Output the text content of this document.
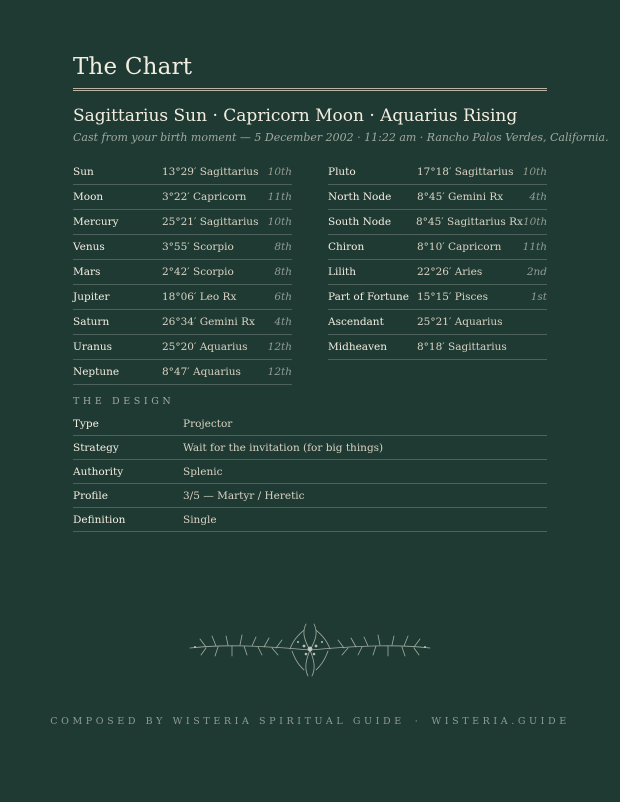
The Chart
Sagittarius Sun · Capricorn Moon · Aquarius Rising
Cast from your birth moment — 5 December 2002 · 11:22 am · Rancho Palos Verdes, California.
Sun	13°29′ Sagittarius 10th
Moon	3°22′ Capricorn	11th
Mercury	25°21′ Sagittarius 10th
Venus	3°55′ Scorpio	8th
Mars	2°42′ Scorpio	8th
Jupiter	18°06′ Leo Rx	6th
Saturn	26°34′ Gemini Rx	4th
Uranus	25°20′ Aquarius	12th
Neptune	8°47′ Aquarius	12th
Pluto	17°18′ Sagittarius 10th
North Node	8°45′ Gemini Rx	4th
South Node	8°45′ Sagittarius Rx 10th
Chiron	8°10′ Capricorn	11th
Lilith	22°26′ Aries	2nd
Part of Fortune 15°15′ Pisces	1st
Ascendant	25°21′ Aquarius
Midheaven	8°18′ Sagittarius
THE DESIGN
Type	Projector
Strategy	Wait for the invitation (for big things)
Authority	Splenic
Profile	3/5 — Martyr / Heretic
Definition	Single
COMPOSED BY WISTERIA SPIRITUAL GUIDE · WISTERIA.GUIDE
